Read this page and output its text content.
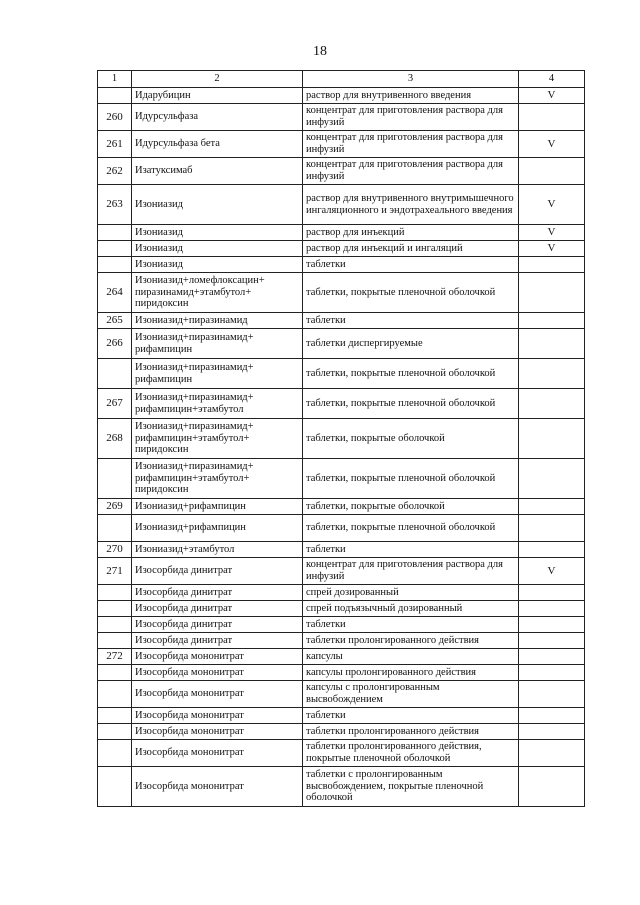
18
1	2	3	4
	Идарубицин	раствор для внутривенного введения	V
260	Идурсульфаза	концентрат для приготовления раствора для инфузий	
261	Идурсульфаза бета	концентрат для приготовления раствора для инфузий	V
262	Изатуксимаб	концентрат для приготовления раствора для инфузий	
263	Изониазид	раствор для внутривенного внутримышечного ингаляционного и эндотрахеального введения	V
	Изониазид	раствор для инъекций	V
	Изониазид	раствор для инъекций и ингаляций	V
	Изониазид	таблетки	
264	Изониазид+ломефлоксацин+ пиразинамид+этамбутол+ пиридоксин	таблетки, покрытые пленочной оболочкой	
265	Изониазид+пиразинамид	таблетки	
266	Изониазид+пиразинамид+ рифампицин	таблетки диспергируемые	
	Изониазид+пиразинамид+ рифампицин	таблетки, покрытые пленочной оболочкой	
267	Изониазид+пиразинамид+ рифампицин+этамбутол	таблетки, покрытые пленочной оболочкой	
268	Изониазид+пиразинамид+ рифампицин+этамбутол+ пиридоксин	таблетки, покрытые оболочкой	
	Изониазид+пиразинамид+ рифампицин+этамбутол+ пиридоксин	таблетки, покрытые пленочной оболочкой	
269	Изониазид+рифампицин	таблетки, покрытые оболочкой	
	Изониазид+рифампицин	таблетки, покрытые пленочной оболочкой	
270	Изониазид+этамбутол	таблетки	
271	Изосорбида динитрат	концентрат для приготовления раствора для инфузий	V
	Изосорбида динитрат	спрей дозированный	
	Изосорбида динитрат	спрей подъязычный дозированный	
	Изосорбида динитрат	таблетки	
	Изосорбида динитрат	таблетки пролонгированного действия	
272	Изосорбида мононитрат	капсулы	
	Изосорбида мононитрат	капсулы пролонгированного действия	
	Изосорбида мононитрат	капсулы с пролонгированным высвобождением	
	Изосорбида мононитрат	таблетки	
	Изосорбида мононитрат	таблетки пролонгированного действия	
	Изосорбида мононитрат	таблетки пролонгированного действия, покрытые пленочной оболочкой	
	Изосорбида мононитрат	таблетки с пролонгированным высвобождением, покрытые пленочной оболочкой	
